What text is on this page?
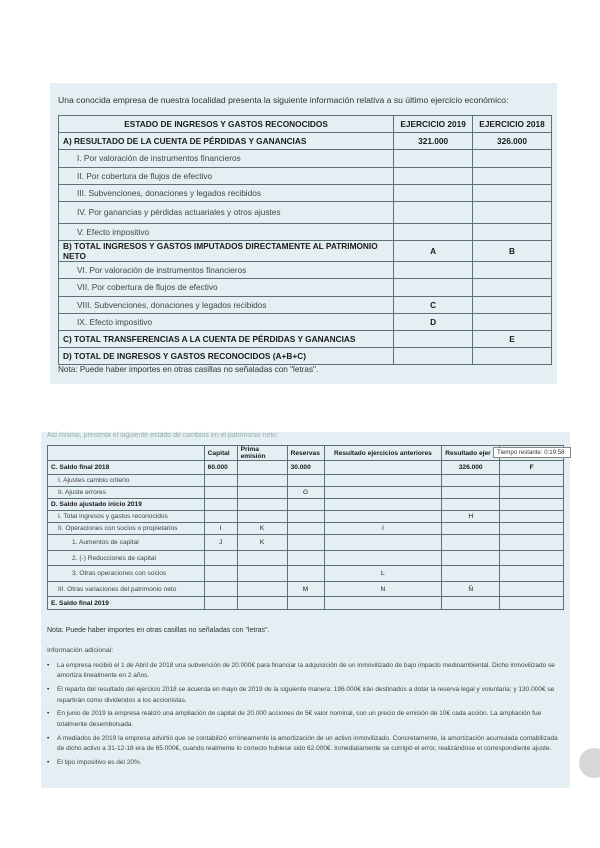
Una conocida empresa de nuestra localidad presenta la siguiente información relativa a su último ejercicio económico:
ESTADO DE INGRESOS Y GASTOS RECONOCIDOS	EJERCICIO 2019	EJERCICIO 2018
A) RESULTADO DE LA CUENTA DE PÉRDIDAS Y GANANCIAS	321.000	326.000
I. Por valoración de instrumentos financieros		
II. Por cobertura de flujos de efectivo		
III. Subvenciones, donaciones y legados recibidos		
IV. Por ganancias y pérdidas actuariales y otros ajustes		
V. Efecto impositivo		
B) TOTAL INGRESOS Y GASTOS IMPUTADOS DIRECTAMENTE AL PATRIMONIO NETO	A	B
VI. Por valoración de instrumentos financieros		
VII. Por cobertura de flujos de efectivo		
VIII. Subvenciones, donaciones y legados recibidos	C	
IX. Efecto impositivo	D	
C) TOTAL TRANSFERENCIAS A LA CUENTA DE PÉRDIDAS Y GANANCIAS		E
D) TOTAL DE INGRESOS Y GASTOS RECONOCIDOS (A+B+C)		
Nota: Puede haber importes en otras casillas no señaladas con "letras".
Así mismo, presenta el siguiente estado de cambios en el patrimonio neto:
	Capital	Prima emisión	Reservas	Resultado ejercicios anteriores	Resultado ejer	
C. Saldo final 2018	60.000		30.000		326.000	F
I. Ajustes cambio criterio						
II. Ajuste errores			G			
D. Saldo ajustado inicio 2019						
I. Total ingresos y gastos reconocidos					H	
II. Operaciones con socios o propietarios	I	K		I		
1. Aumentos de capital	J	K				
2. (-) Reducciones de capital						
3. Otras operaciones con socios				L		
III. Otras variaciones del patrimonio neto			M	N	Ñ	
E. Saldo final 2019						
Tiempo restante: 0:19:58
Nota: Puede haber importes en otras casillas no señaladas con "letras".
Información adicional:
• La empresa recibió el 1 de Abril de 2018 una subvención de 20.000€ para financiar la adquisición de un inmovilizado de bajo impacto medioambiental. Dicho inmovilizado se amortiza linealmente en 2 años.
• El reparto del resultado del ejercicio 2018 se acuerda en mayo de 2019 de la siguiente manera: 196.000€ irán destinados a dotar la reserva legal y voluntaria; y 130.000€ se repartirán como dividendos a los accionistas.
• En junio de 2019 la empresa realizó una ampliación de capital de 20.000 acciones de 5€ valor nominal, con un precio de emisión de 10€ cada acción. La ampliación fue totalmente desembolsada.
• A mediados de 2019 la empresa advirtió que se contabilizó erróneamente la amortización de un activo inmovilizado. Concretamente, la amortización acumulada contabilizada de dicho activo a 31-12-18 era de 65.000€, cuando realmente lo correcto hubiese sido 62.000€. Inmediatamente se corrigió el error, realizándose el correspondiente ajuste.
• El tipo impositivo es del 20%.
